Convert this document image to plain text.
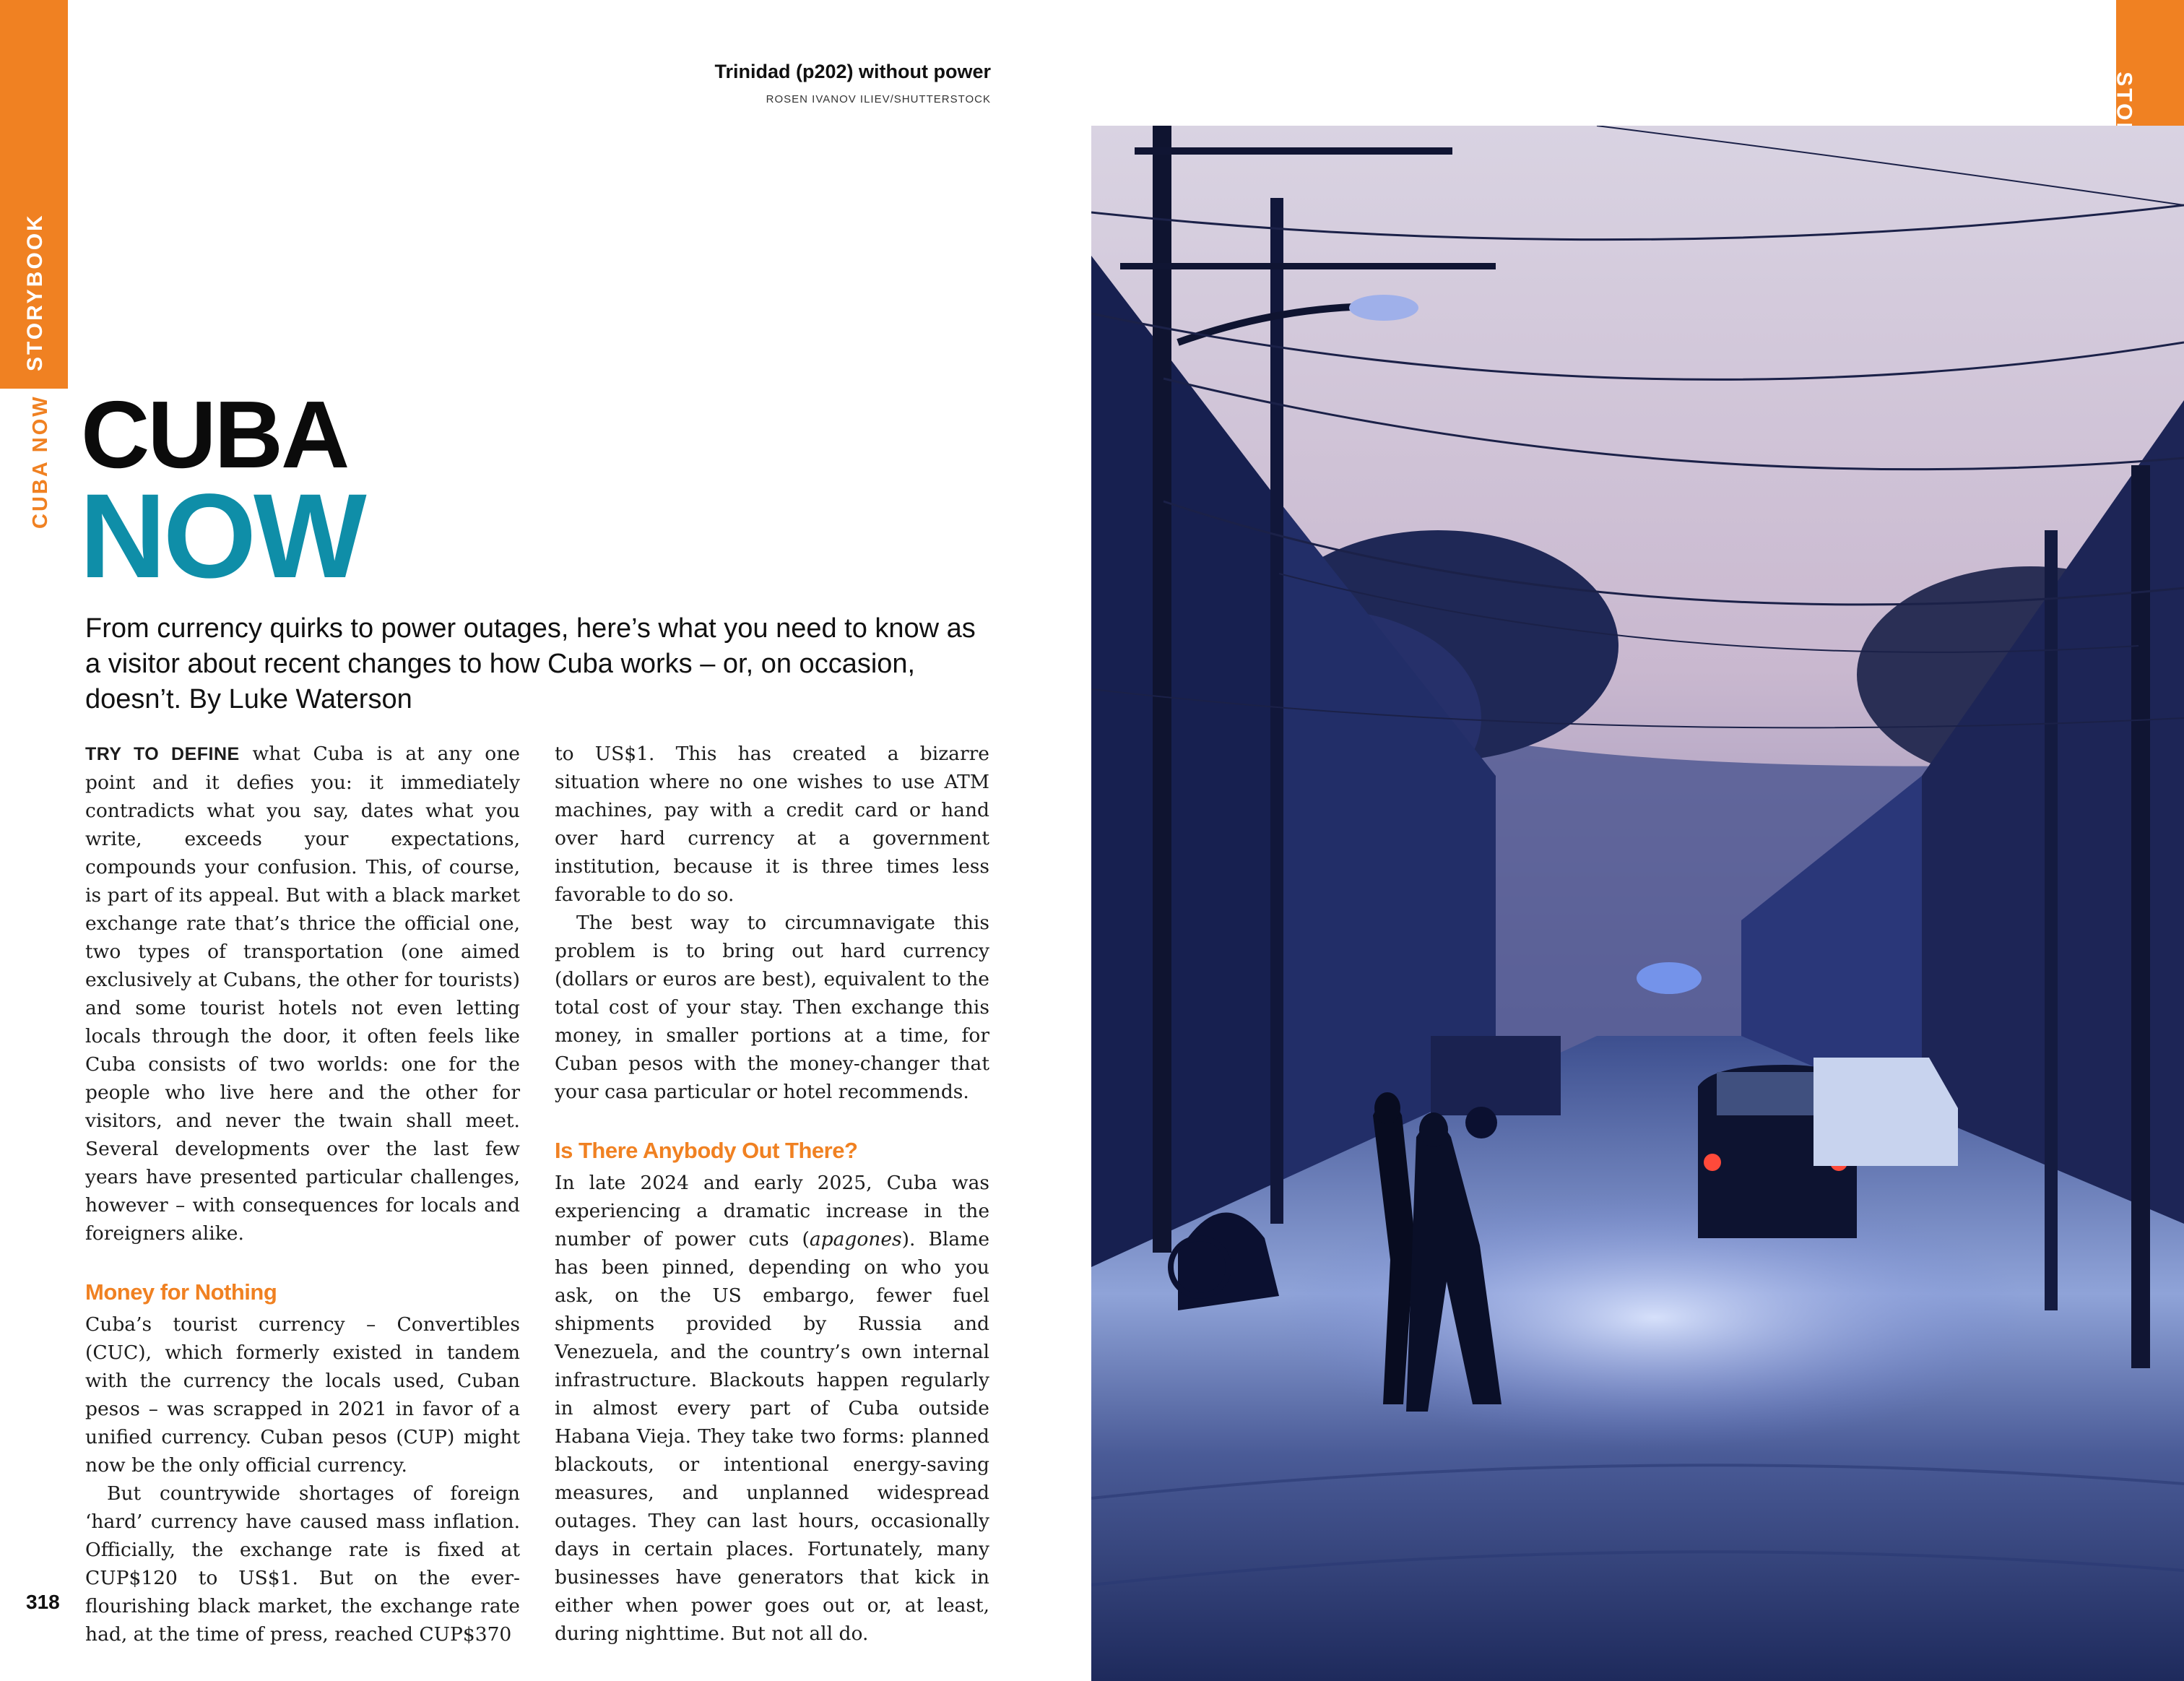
STORYBOOK
CUBA NOW
318
Trinidad (p202) without power
ROSEN IVANOV ILIEV/SHUTTERSTOCK
CUBA
NOW
From currency quirks to power outages, here’s what you need to know as a visitor about recent changes to how Cuba works – or, on occasion, doesn’t. By Luke Waterson

TRY TO DEFINE what Cuba is at any one point and it defies you: it immediately contradicts what you say, dates what you write, exceeds your expectations, compounds your confusion. This, of course, is part of its appeal. But with a black market exchange rate that’s thrice the official one, two types of transportation (one aimed exclusively at Cubans, the other for tourists) and some tourist hotels not even letting locals through the door, it often feels like Cuba consists of two worlds: one for the people who live here and the other for visitors, and never the twain shall meet. Several developments over the last few years have presented particular challenges, however – with consequences for locals and foreigners alike.

Money for Nothing

Cuba’s tourist currency – Convertibles (CUC), which formerly existed in tandem with the currency the locals used, Cuban pesos – was scrapped in 2021 in favor of a unified currency. Cuban pesos (CUP) might now be the only official currency.

But countrywide shortages of foreign ‘hard’ currency have caused mass inflation. Officially, the exchange rate is fixed at CUP$120 to US$1. But on the ever-flourishing black market, the exchange rate had, at the time of press, reached CUP$370

to US$1. This has created a bizarre situation where no one wishes to use ATM machines, pay with a credit card or hand over hard currency at a government institution, because it is three times less favorable to do so.

The best way to circumnavigate this problem is to bring out hard currency (dollars or euros are best), equivalent to the total cost of your stay. Then exchange this money, in smaller portions at a time, for Cuban pesos with the money-changer that your casa particular or hotel recommends.

Is There Anybody Out There?

In late 2024 and early 2025, Cuba was experiencing a dramatic increase in the number of power cuts (apagones). Blame has been pinned, depending on who you ask, on the US embargo, fewer fuel shipments provided by Russia and Venezuela, and the country’s own internal infrastructure. Blackouts happen regularly in almost every part of Cuba outside Habana Vieja. They take two forms: planned blackouts, or intentional energy-saving measures, and unplanned widespread outages. They can last hours, occasionally days in certain places. Fortunately, many businesses have generators that kick in either when power goes out or, at least, during nighttime. But not all do.
